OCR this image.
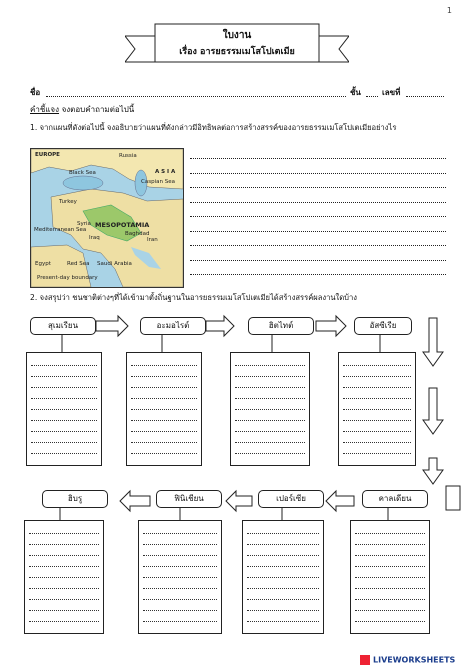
1
ใบงาน
เรื่อง อารยธรรมเมโสโปเตเมีย
ชื่อ	ชั้น	เลขที่
คำชี้แจง จงตอบคำถามต่อไปนี้
1. จากแผนที่ดังต่อไปนี้ จงอธิบายว่าแผนที่ดังกล่าวมีอิทธิพลต่อการสร้างสรรค์ของอารยธรรมเมโสโปเตเมียอย่างไร
EUROPE	Russia
Black Sea
Caspian Sea
A S I A
Turkey
Mediterranean Sea
Syria
Iraq
MESOPOTAMIA
Baghdad
Iran
Egypt	Red Sea Saudi Arabia
Present-day boundary
2. จงสรุปว่า ชนชาติต่างๆที่ได้เข้ามาตั้งถิ่นฐานในอารยธรรมเมโสโปเตเมียได้สร้างสรรค์ผลงานใดบ้าง
สุเมเรียน	อะมอไรต์	ฮิตไทต์	อัสซีเรีย
ฮิบรู	ฟินิเชียน	เปอร์เซีย	คาลเดียน
LIVEWORKSHEETS
